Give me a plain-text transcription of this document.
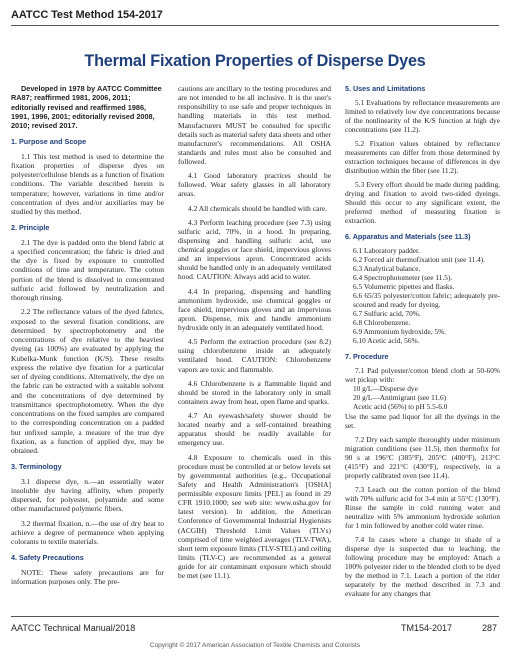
AATCC Test Method 154-2017
Thermal Fixation Properties of Disperse Dyes

Developed in 1978 by AATCC Committee RA87; reaffirmed 1981, 2006, 2011; editorially revised and reaffirmed 1986, 1991, 1996, 2001; editorially revised 2008, 2010; revised 2017.

1. Purpose and Scope

1.1 This test method is used to determine the fixation properties of disperse dyes on polyester/cellulose blends as a function of fixation conditions. The variable described herein is temperature; however, variations in time and/or concentration of dyes and/or auxiliaries may be studied by this method.

2. Principle

2.1 The dye is padded onto the blend fabric at a specified concentration; the fabric is dried and the dye is fixed by exposure to controlled conditions of time and temperature. The cotton portion of the blend is dissolved in concentrated sulfuric acid followed by neutralization and thorough rinsing.

2.2 The reflectance values of the dyed fabrics, exposed to the several fixation conditions, are determined by spectrophotometry and the concentrations of dye relative to the heaviest dyeing (as 100%) are evaluated by applying the Kubelka-Munk function (K/S). These results express the relative dye fixation for a particular set of dyeing conditions. Alternatively, the dye on the fabric can be extracted with a suitable solvent and the concentrations of dye determined by transmittance spectrophotometry. When the dye concentrations on the fixed samples are compared to the corresponding concentration on a padded but unfixed sample, a measure of the true dye fixation, as a function of applied dye, may be obtained.

3. Terminology

3.1 disperse dye, n.—an essentially water insoluble dye having affinity, when properly dispersed, for polyester, polyamide and some other manufactured polymeric fibers.

3.2 thermal fixation, n.—the use of dry heat to achieve a degree of permanence when applying colorants to textile materials.

4. Safety Precautions

NOTE: These safety precautions are for information purposes only. The pre-

cautions are ancillary to the testing procedures and are not intended to be all inclusive. It is the user's responsibility to use safe and proper techniques in handling materials in this test method. Manufacturers MUST be consulted for specific details such as material safety data sheets and other manufacturer's recommendations. All OSHA standards and rules must also be consulted and followed.

4.1 Good laboratory practices should be followed. Wear safety glasses in all laboratory areas.

4.2 All chemicals should be handled with care.

4.3 Perform leaching procedure (see 7.3) using sulfuric acid, 70%, in a hood. In preparing, dispensing and handling sulfuric acid, use chemical goggles or face shield, impervious gloves and an impervious apron. Concentrated acids should be handled only in an adequately ventilated hood. CAUTION: Always add acid to water.

4.4 In preparing, dispensing and handling ammonium hydroxide, use chemical goggles or face shield, impervious gloves and an impervious apron. Dispense, mix and handle ammonium hydroxide only in an adequately ventilated hood.

4.5 Perform the extraction procedure (see 8.2) using chlorobenzene inside an adequately ventilated hood. CAUTION: Chlorobenzene vapors are toxic and flammable.

4.6 Chlorobenzene is a flammable liquid and should be stored in the laboratory only in small containers away from heat, open flame and sparks.

4.7 An eyewash/safety shower should be located nearby and a self-contained breathing apparatus should be readily available for emergency use.

4.8 Exposure to chemicals used in this procedure must be controlled at or below levels set by governmental authorities (e.g., Occupational Safety and Health Administration's [OSHA] permissible exposure limits [PEL] as found in 29 CFR 1910.1000; see web site: www.osha.gov for latest version). In addition, the American Conference of Governmental Industrial Hygienists (ACGIH) Threshold Limit Values (TLVs) comprised of time weighted averages (TLV-TWA), short term exposure limits (TLV-STEL) and ceiling limits (TLV-C) are recommended as a general guide for air contaminant exposure which should be met (see 11.1).

5. Uses and Limitations

5.1 Evaluations by reflectance measurements are limited to relatively low dye concentrations because of the nonlinearity of the K/S function at high dye concentrations (see 11.2).

5.2 Fixation values obtained by reflectance measurements can differ from those determined by extraction techniques because of differences in dye distribution within the fiber (see 11.2).

5.3 Every effort should be made during padding, drying and fixation to avoid two-sided dyeings. Should this occur to any significant extent, the preferred method of measuring fixation is extraction.

6. Apparatus and Materials (see 11.3)

6.1 Laboratory padder.

6.2 Forced air thermofixation unit (see 11.4).

6.3 Analytical balance.

6.4 Spectrophotometer (see 11.5).

6.5 Volumetric pipettes and flasks.

6.6 65/35 polyester/cotton fabric; adequately pre-scoured and ready for dyeing.

6.7 Sulfuric acid, 70%.

6.8 Chlorobenzene.

6.9 Ammonium hydroxide, 5%.

6.10 Acetic acid, 56%.

7. Procedure

7.1 Pad polyester/cotton blend cloth at 50-60% wet pickup with:

10 g/L—Disperse dye

20 g/L—Antimigrant (see 11.6)

Acetic acid (56%) to pH 5.5-6.0

Use the same pad liquor for all the dyeings in the set.

7.2 Dry each sample thoroughly under minimum migration conditions (see 11.5), then thermofix for 90 s at 196°C (385°F), 205°C (400°F), 213°C (415°F) and 221°C (430°F), respectively, in a properly calibrated oven (see 11.4).

7.3 Leach out the cotton portion of the blend with 70% sulfuric acid for 3-4 min at 55°C (130°F). Rinse the sample in cold running water and neutralize with 5% ammonium hydroxide solution for 1 min followed by another cold water rinse.

7.4 In cases where a change in shade of a disperse dye is suspected due to leaching, the following procedure may be employed: Attach a 100% polyester rider to the blended cloth to be dyed by the method in 7.1. Leach a portion of the rider separately by the method described in 7.3 and evaluate for any changes that

AATCC Technical Manual/2018	TM154-2017	287
Copyright © 2017 American Association of Textile Chemists and Colorists
